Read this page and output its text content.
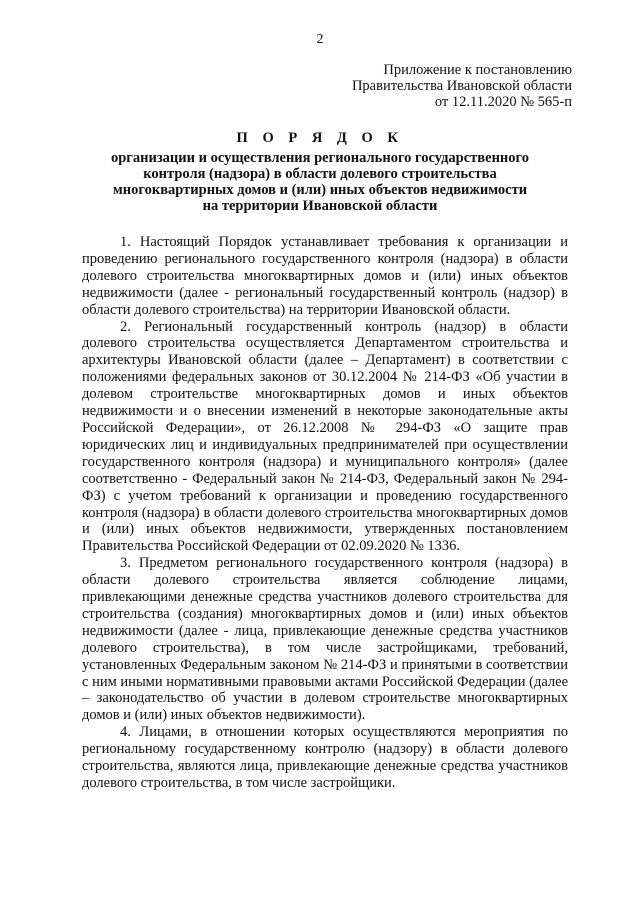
2
Приложение к постановлению
Правительства Ивановской области
от 12.11.2020 № 565-п
П О Р Я Д О К
организации и осуществления регионального государственного
контроля (надзора) в области долевого строительства
многоквартирных домов и (или) иных объектов недвижимости
на территории Ивановской области

1. Настоящий Порядок устанавливает требования к организации и проведению регионального государственного контроля (надзора) в области долевого строительства многоквартирных домов и (или) иных объектов недвижимости (далее - региональный государственный контроль (надзор) в области долевого строительства) на территории Ивановской области.

2. Региональный государственный контроль (надзор) в области долевого строительства осуществляется Департаментом строительства и архитектуры Ивановской области (далее – Департамент) в соответствии с положениями федеральных законов от 30.12.2004 № 214-ФЗ «Об участии в долевом строительстве многоквартирных домов и иных объектов недвижимости и о внесении изменений в некоторые законодательные акты Российской Федерации», от 26.12.2008 № 294-ФЗ «О защите прав юридических лиц и индивидуальных предпринимателей при осуществлении государственного контроля (надзора) и муниципального контроля» (далее соответственно - Федеральный закон № 214-ФЗ, Федеральный закон № 294-ФЗ) с учетом требований к организации и проведению государственного контроля (надзора) в области долевого строительства многоквартирных домов и (или) иных объектов недвижимости, утвержденных постановлением Правительства Российской Федерации от 02.09.2020 № 1336.

3. Предметом регионального государственного контроля (надзора) в области долевого строительства является соблюдение лицами, привлекающими денежные средства участников долевого строительства для строительства (создания) многоквартирных домов и (или) иных объектов недвижимости (далее - лица, привлекающие денежные средства участников долевого строительства), в том числе застройщиками, требований, установленных Федеральным законом № 214-ФЗ и принятыми в соответствии с ним иными нормативными правовыми актами Российской Федерации (далее – законодательство об участии в долевом строительстве многоквартирных домов и (или) иных объектов недвижимости).

4. Лицами, в отношении которых осуществляются мероприятия по региональному государственному контролю (надзору) в области долевого строительства, являются лица, привлекающие денежные средства участников долевого строительства, в том числе застройщики.
